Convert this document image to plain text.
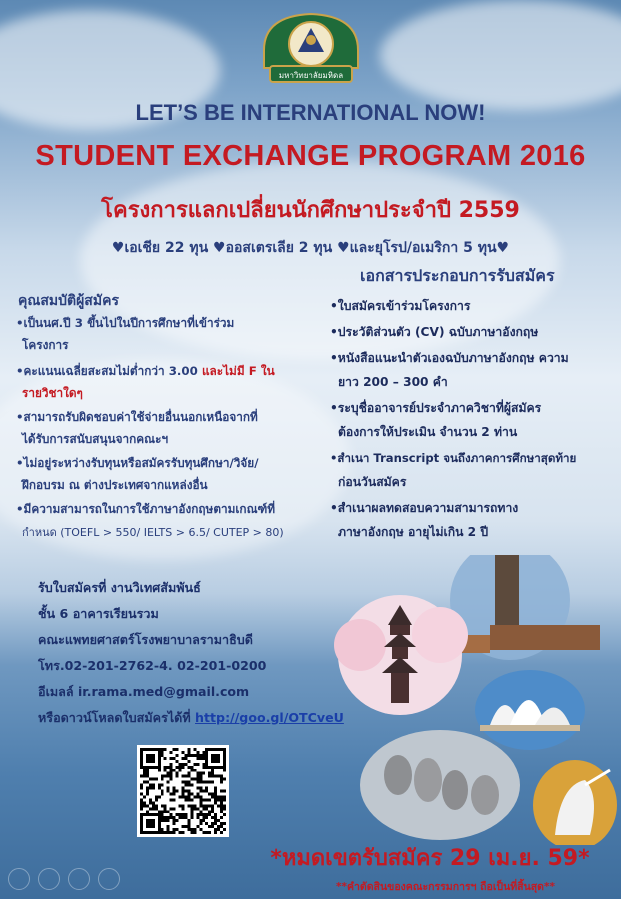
มหาวิทยาลัยมหิดล
LET’S BE INTERNATIONAL NOW!
STUDENT EXCHANGE PROGRAM 2016
โครงการแลกเปลี่ยนนักศึกษาประจำปี 2559
♥เอเชีย 22 ทุน ♥ออสเตรเลีย 2 ทุน ♥และยุโรป/อเมริกา 5 ทุน♥
เอกสารประกอบการรับสมัคร
คุณสมบัติผู้สมัคร
•เป็นนศ.ปี 3 ขึ้นไปในปีการศึกษาที่เข้าร่วม
โครงการ
•คะแนนเฉลี่ยสะสมไม่ต่ำกว่า 3.00 และไม่มี F ใน
รายวิชาใดๆ
•สามารถรับผิดชอบค่าใช้จ่ายอื่นนอกเหนือจากที่
ได้รับการสนับสนุนจากคณะฯ
•ไม่อยู่ระหว่างรับทุนหรือสมัครรับทุนศึกษา/วิจัย/
ฝึกอบรม ณ ต่างประเทศจากแหล่งอื่น
•มีความสามารถในการใช้ภาษาอังกฤษตามเกณฑ์ที่
กำหนด (TOEFL > 550/ IELTS > 6.5/ CUTEP > 80)
•ใบสมัครเข้าร่วมโครงการ
•ประวัติส่วนตัว (CV) ฉบับภาษาอังกฤษ
•หนังสือแนะนำตัวเองฉบับภาษาอังกฤษ ความ
ยาว 200 – 300 คำ
•ระบุชื่ออาจารย์ประจำภาควิชาที่ผู้สมัคร
ต้องการให้ประเมิน จำนวน 2 ท่าน
•สำเนา Transcript จนถึงภาคการศึกษาสุดท้าย
ก่อนวันสมัคร
•สำเนาผลทดสอบความสามารถทาง
ภาษาอังกฤษ อายุไม่เกิน 2 ปี
รับใบสมัครที่ งานวิเทศสัมพันธ์
ชั้น 6 อาคารเรียนรวม
คณะแพทยศาสตร์โรงพยาบาลรามาธิบดี
โทร.02-201-2762-4. 02-201-0200
อีเมลล์ ir.rama.med@gmail.com
หรือดาวน์โหลดใบสมัครได้ที่ http://goo.gl/OTCveU
*หมดเขตรับสมัคร 29 เม.ย. 59*
**คำตัดสินของคณะกรรมการฯ ถือเป็นที่สิ้นสุด**
